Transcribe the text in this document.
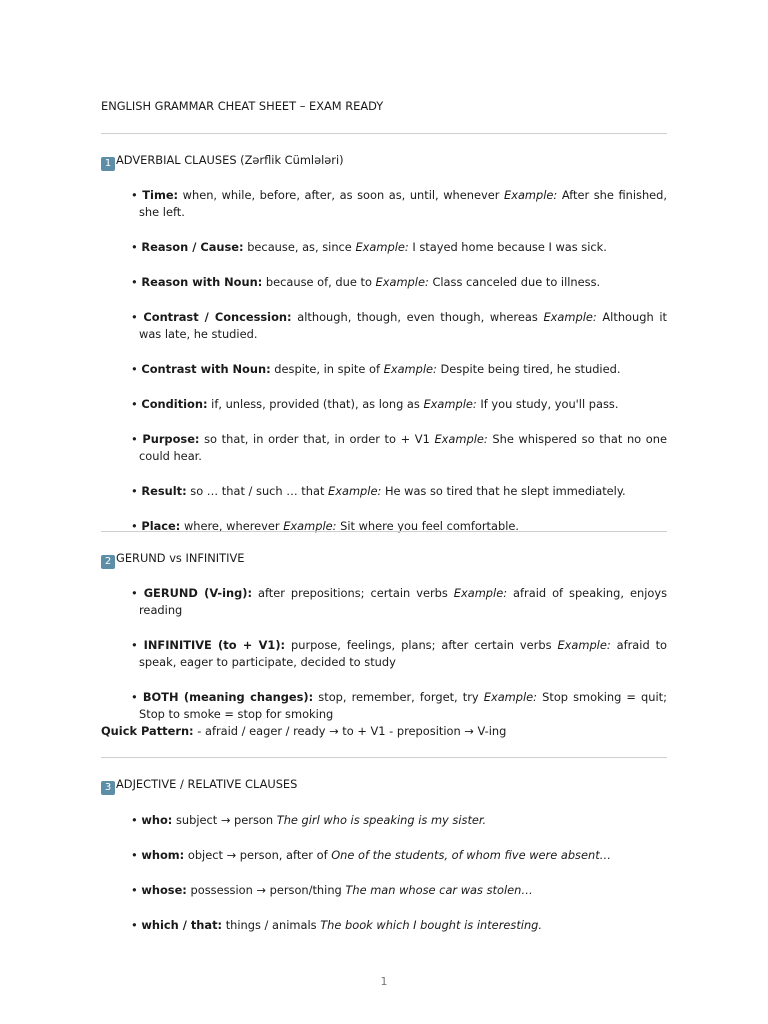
ENGLISH GRAMMAR CHEAT SHEET – EXAM READY
1 ADVERBIAL CLAUSES (Zərflik Cümlələri)
• Time: when, while, before, after, as soon as, until, whenever Example: After she finished, she left.
• Reason / Cause: because, as, since Example: I stayed home because I was sick.
• Reason with Noun: because of, due to Example: Class canceled due to illness.
• Contrast / Concession: although, though, even though, whereas Example: Although it was late, he studied.
• Contrast with Noun: despite, in spite of Example: Despite being tired, he studied.
• Condition: if, unless, provided (that), as long as Example: If you study, you'll pass.
• Purpose: so that, in order that, in order to + V1 Example: She whispered so that no one could hear.
• Result: so … that / such … that Example: He was so tired that he slept immediately.
• Place: where, wherever Example: Sit where you feel comfortable.
2 GERUND vs INFINITIVE
• GERUND (V-ing): after prepositions; certain verbs Example: afraid of speaking, enjoys reading
• INFINITIVE (to + V1): purpose, feelings, plans; after certain verbs Example: afraid to speak, eager to participate, decided to study
• BOTH (meaning changes): stop, remember, forget, try Example: Stop smoking = quit; Stop to smoke = stop for smoking
Quick Pattern: - afraid / eager / ready → to + V1 - preposition → V-ing
3 ADJECTIVE / RELATIVE CLAUSES
• who: subject → person The girl who is speaking is my sister.
• whom: object → person, after of One of the students, of whom five were absent…
• whose: possession → person/thing The man whose car was stolen…
• which / that: things / animals The book which I bought is interesting.
1
